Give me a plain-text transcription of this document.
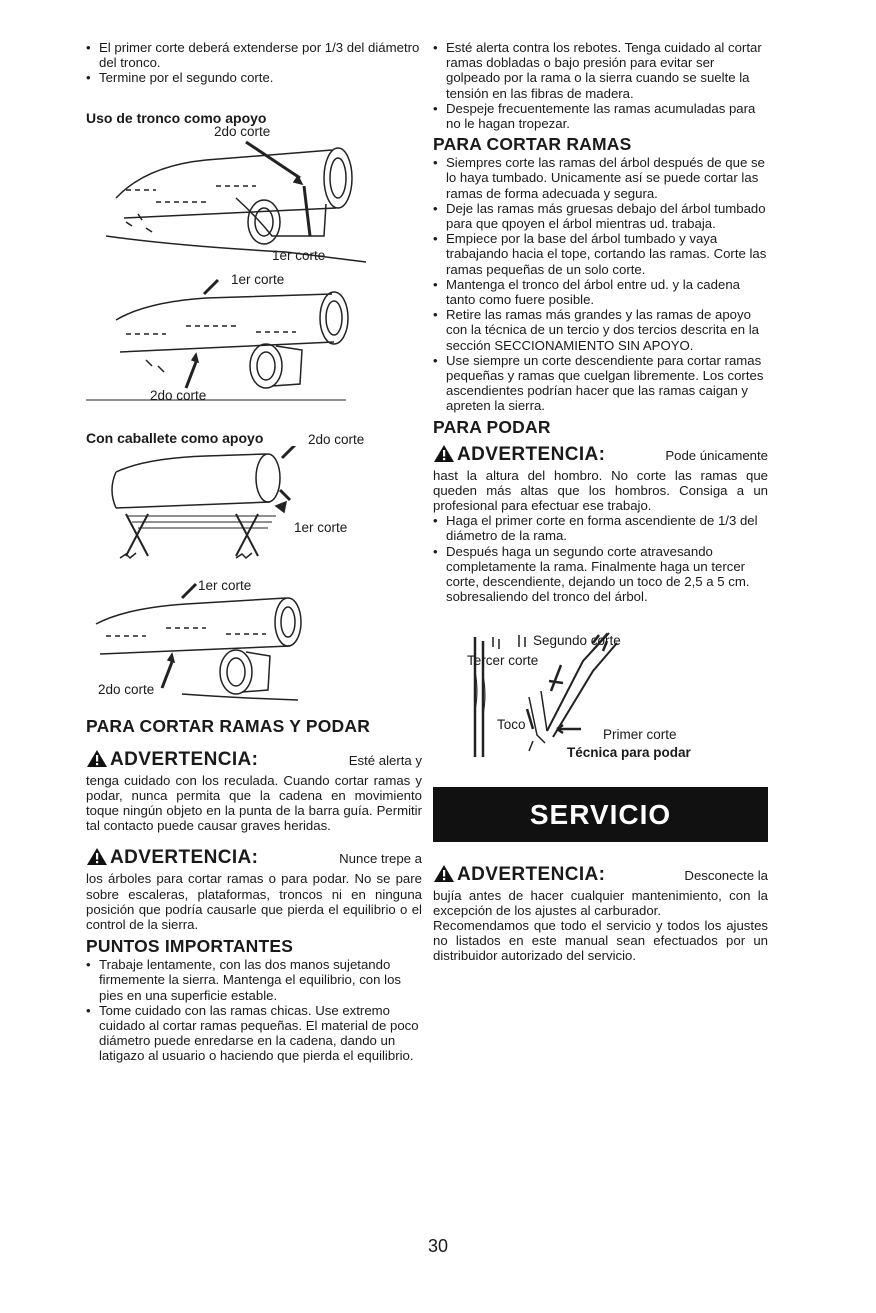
• El primer corte deberá extenderse por 1/3 del diámetro del tronco.
• Termine por el segundo corte.

Uso de tronco como apoyo

2do corte
1er corte
1er corte
2do corte

Con caballete como apoyo	2do corte
1er corte
1er corte
2do corte

PARA CORTAR RAMAS Y PODAR

ADVERTENCIA:	Esté alerta y

tenga cuidado con los reculada. Cuando cortar ramas y podar, nunca permita que la cadena en movimiento toque ningún objeto en la punta de la barra guía. Permitir tal contacto puede causar graves heridas.

ADVERTENCIA:	Nunce trepe a

los árboles para cortar ramas o para podar. No se pare sobre escaleras, plataformas, troncos ni en ninguna posición que podría causarle que pierda el equilibrio o el control de la sierra.

PUNTOS IMPORTANTES

• Trabaje lentamente, con las dos manos sujetando firmemente la sierra. Mantenga el equilibrio, con los pies en una superficie estable.
• Tome cuidado con las ramas chicas. Use extremo cuidado al cortar ramas pequeñas. El material de poco diámetro puede enredarse en la cadena, dando un latigazo al usuario o haciendo que pierda el equilibrio.
• Esté alerta contra los rebotes. Tenga cuidado al cortar ramas dobladas o bajo presión para evitar ser golpeado por la rama o la sierra cuando se suelte la tensión en las fibras de madera.
• Despeje frecuentemente las ramas acumuladas para no le hagan tropezar.

PARA CORTAR RAMAS

• Siempres corte las ramas del árbol después de que se lo haya tumbado. Unicamente así se puede cortar las ramas de forma adecuada y segura.
• Deje las ramas más gruesas debajo del árbol tumbado para que qpoyen el árbol mientras ud. trabaja.
• Empiece por la base del árbol tumbado y vaya trabajando hacia el tope, cortando las ramas. Corte las ramas pequeñas de un solo corte.
• Mantenga el tronco del árbol entre ud. y la cadena tanto como fuere posible.
• Retire las ramas más grandes y las ramas de apoyo con la técnica de un tercio y dos tercios descrita en la sección SECCIONAMIENTO SIN APOYO.
• Use siempre un corte descendiente para cortar ramas pequeñas y ramas que cuelgan libremente. Los cortes ascendientes podrían hacer que las ramas caigan y apreten la sierra.

PARA PODAR

ADVERTENCIA:	Pode únicamente

hast la altura del hombro. No corte las ramas que queden más altas que los hombros. Consiga a un profesional para efectuar ese trabajo.

• Haga el primer corte en forma ascendiente de 1/3 del diámetro de la rama.
• Después haga un segundo corte atravesando completamente la rama. Finalmente haga un tercer corte, descendiente, dejando un toco de 2,5 a 5 cm. sobresaliendo del tronco del árbol.
Segundo corte
Tercer corte
Toco
Primer corte
Técnica para podar
SERVICIO
ADVERTENCIA:	Desconecte la

bujía antes de hacer cualquier mantenimiento, con la excepción de los ajustes al carburador.

Recomendamos que todo el servicio y todos los ajustes no listados en este manual sean efectuados por un distribuidor autorizado del servicio.

30
